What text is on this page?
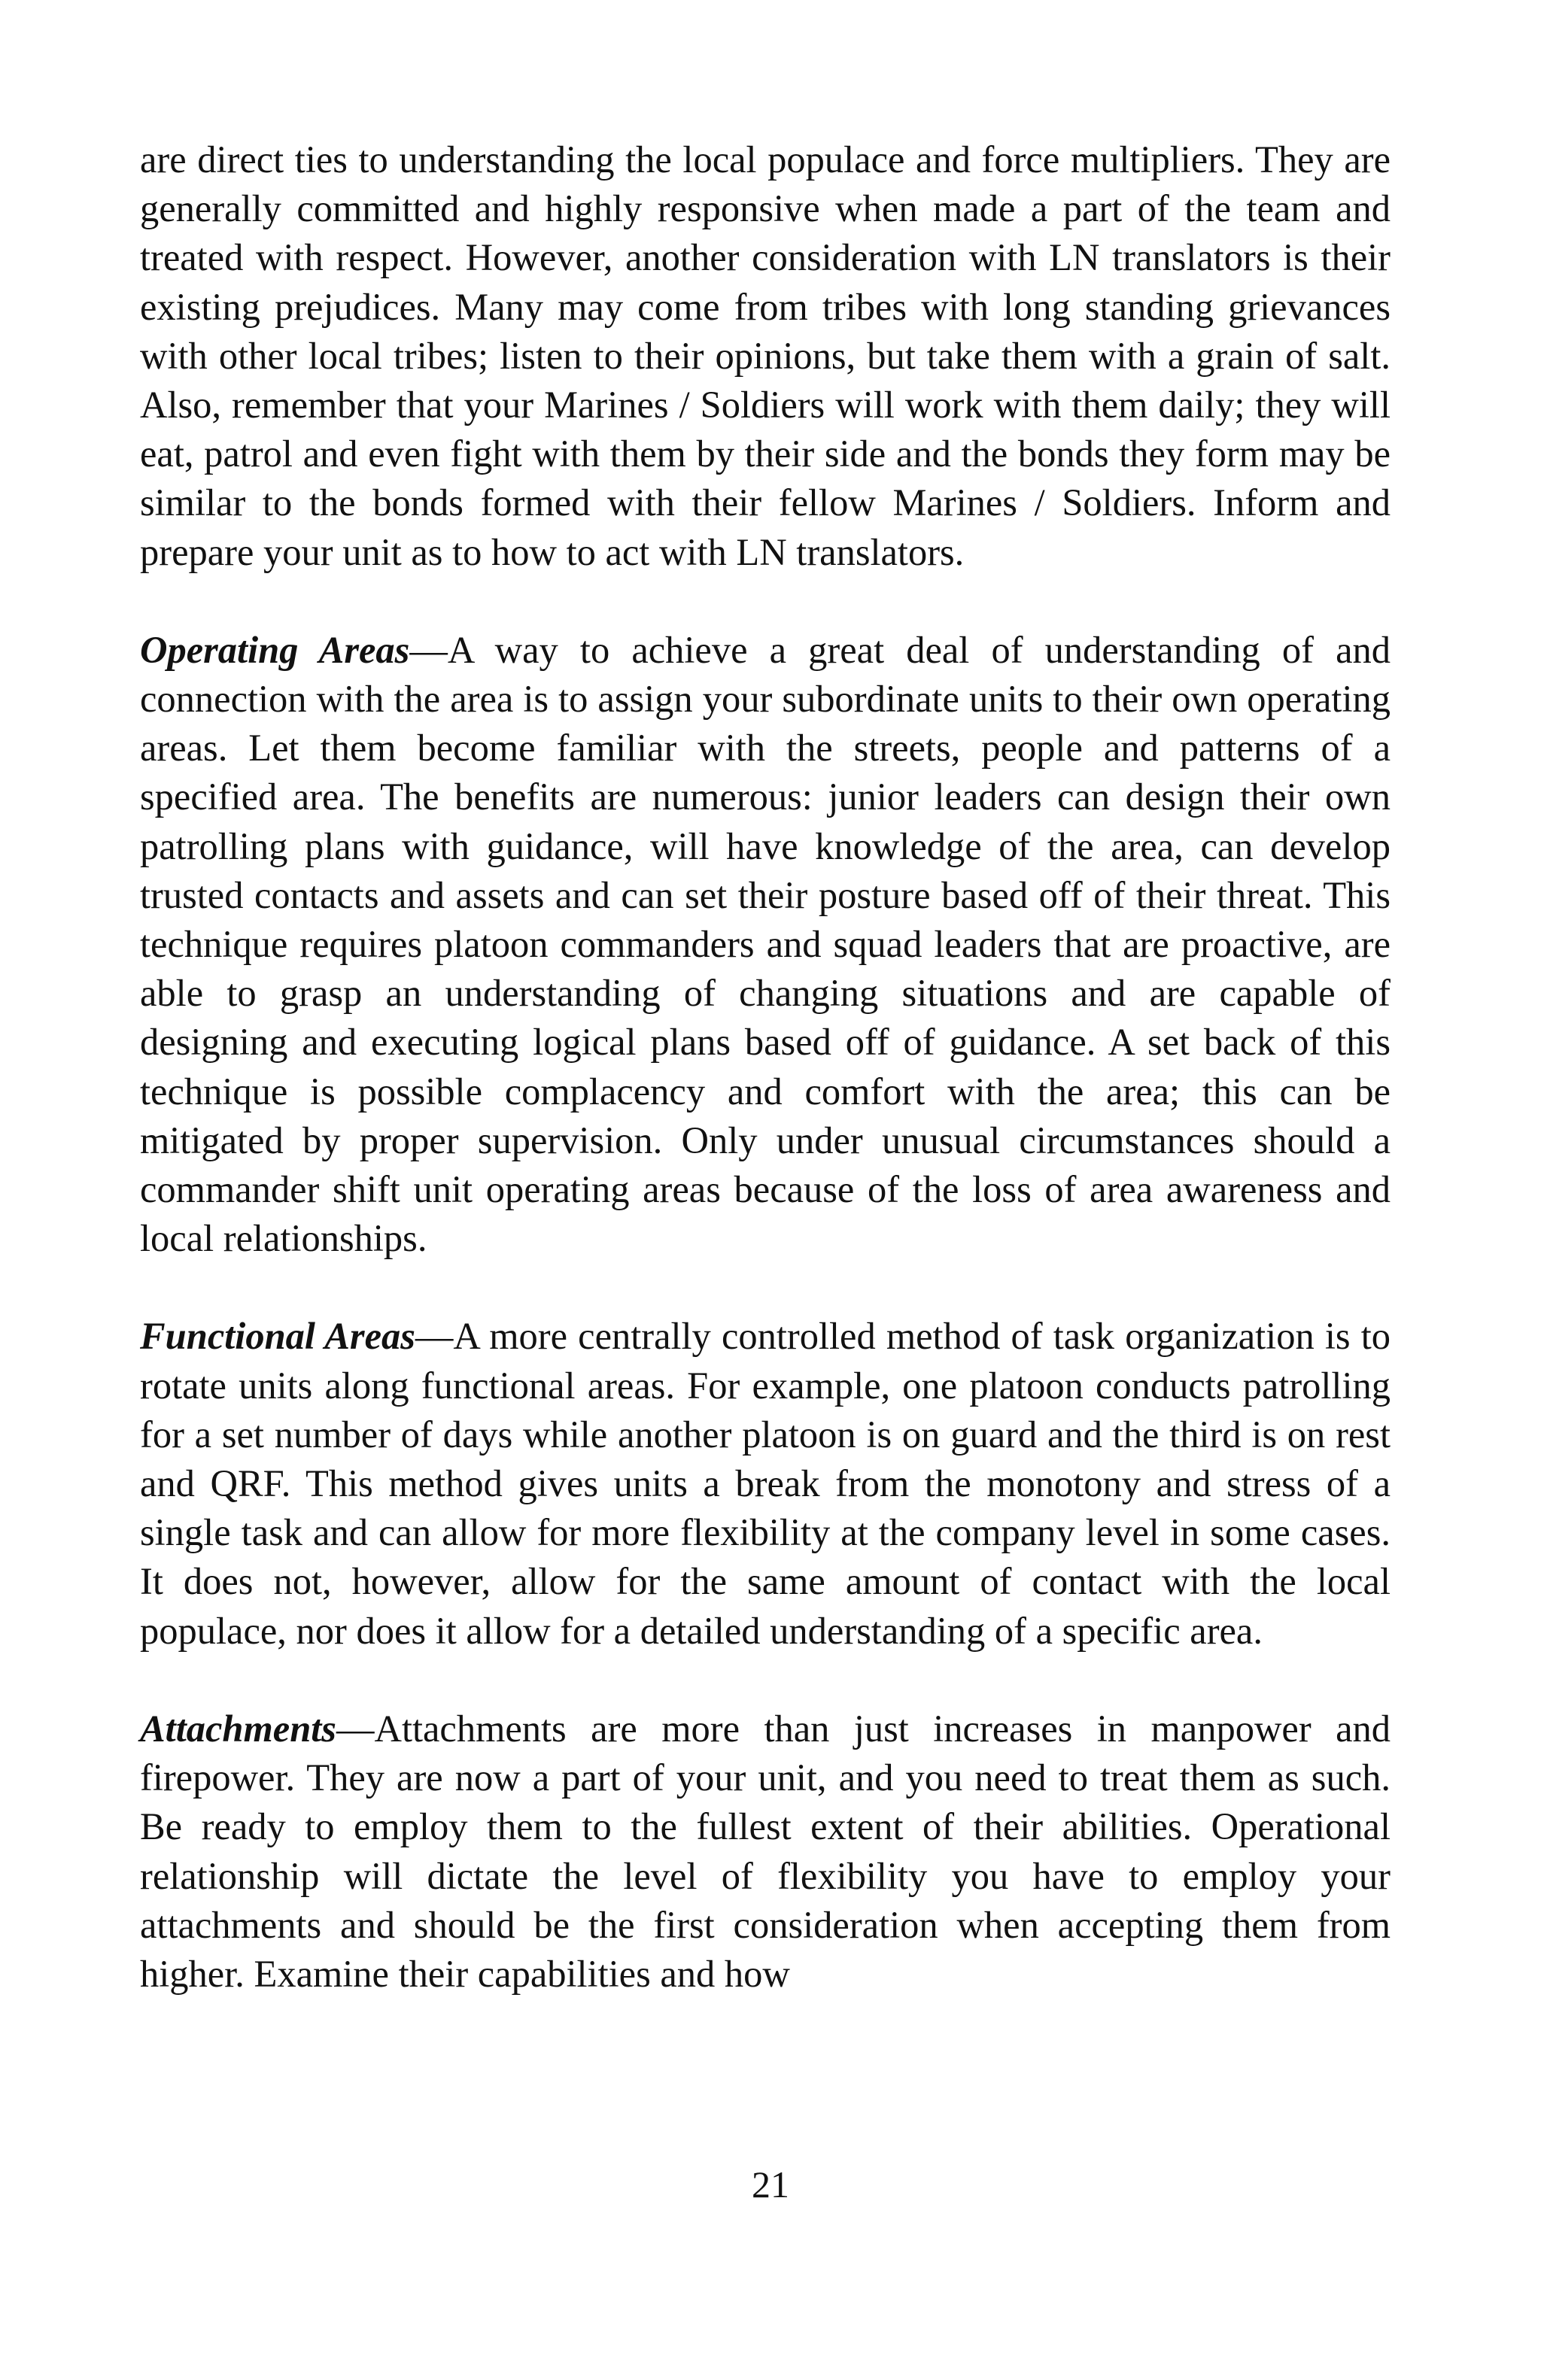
are direct ties to understanding the local populace and force multipliers. They are generally committed and highly responsive when made a part of the team and treated with respect. However, another consideration with LN translators is their existing prejudices. Many may come from tribes with long standing grievances with other local tribes; listen to their opinions, but take them with a grain of salt. Also, remember that your Marines / Soldiers will work with them daily; they will eat, patrol and even fight with them by their side and the bonds they form may be similar to the bonds formed with their fellow Marines / Soldiers. Inform and prepare your unit as to how to act with LN translators.

Operating Areas—A way to achieve a great deal of understanding of and connection with the area is to assign your subordinate units to their own operating areas. Let them become familiar with the streets, people and patterns of a specified area. The benefits are numerous: junior leaders can design their own patrolling plans with guidance, will have knowledge of the area, can develop trusted contacts and assets and can set their posture based off of their threat. This technique requires platoon commanders and squad leaders that are proactive, are able to grasp an understanding of changing situations and are capable of designing and executing logical plans based off of guidance. A set back of this technique is possible complacency and comfort with the area; this can be mitigated by proper supervision. Only under unusual circumstances should a commander shift unit operating areas because of the loss of area awareness and local relationships.

Functional Areas—A more centrally controlled method of task organization is to rotate units along functional areas. For example, one platoon conducts patrolling for a set number of days while another platoon is on guard and the third is on rest and QRF. This method gives units a break from the monotony and stress of a single task and can allow for more flexibility at the company level in some cases. It does not, however, allow for the same amount of contact with the local populace, nor does it allow for a detailed understanding of a specific area.

Attachments—Attachments are more than just increases in manpower and firepower. They are now a part of your unit, and you need to treat them as such. Be ready to employ them to the fullest extent of their abilities. Operational relationship will dictate the level of flexibility you have to employ your attachments and should be the first consideration when accepting them from higher. Examine their capabilities and how

21
